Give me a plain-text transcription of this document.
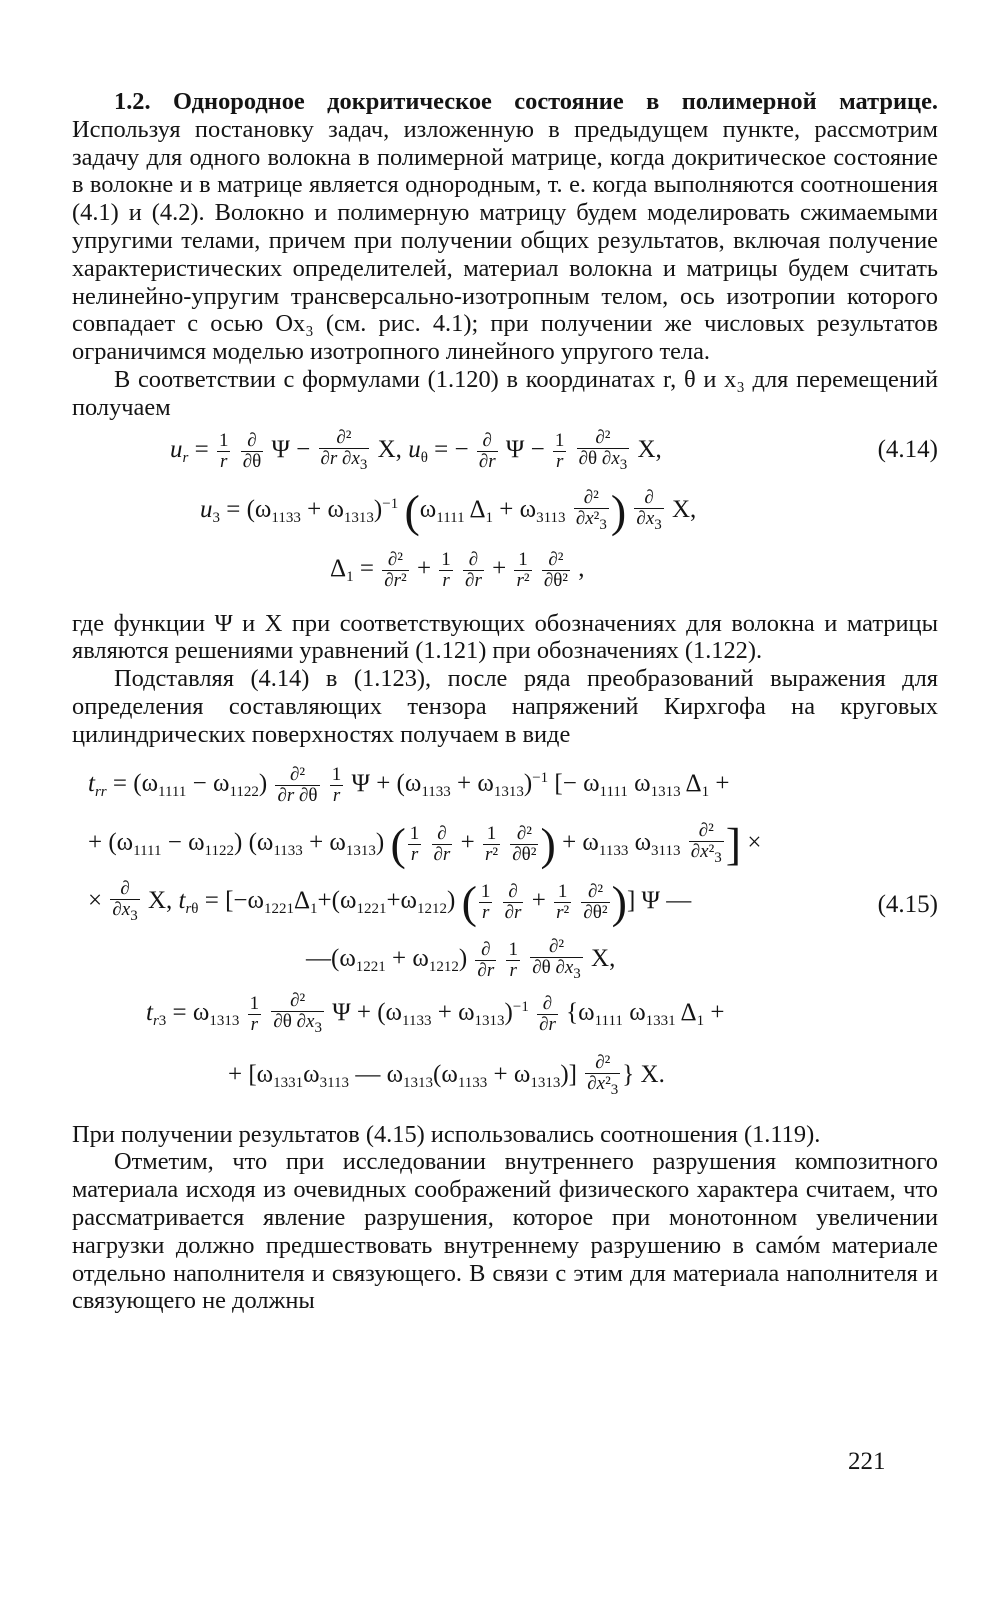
1.2. Однородное докритическое состояние в полимерной матрице. Используя постановку задач, изложенную в предыдущем пункте, рассмотрим задачу для одного волокна в полимерной матрице, когда докритическое состояние в волокне и в матрице является однородным, т. е. когда выполняются соотношения (4.1) и (4.2). Волокно и полимерную матрицу будем моделировать сжимаемыми упругими телами, причем при получении общих результатов, включая получение характеристических определителей, материал волокна и матрицы будем считать нелинейно-упругим трансверсально-изотропным телом, ось изотропии которого совпадает с осью Ox₃ (см. рис. 4.1); при получении же числовых результатов ограничимся моделью изотропного линейного упругого тела.

В соответствии с формулами (1.120) в координатах r, θ и x₃ для перемещений получаем

$u_r = \frac{1}{r}$
$\frac{\partial}{\partial\theta}$ $\Psi - \frac{\text{∂²}}{\partial r \partial x_3} X$, $u_\theta$ = − $\frac{\partial}{\partial r}$ $\Psi - \frac{1}{r}$
$\frac{\text{∂²}}{\partial\theta \partial x_3} X$,	(4.14)
$u_3 = (\omega_{1133} + \omega_{1313})^{-1}$ ($\omega_{1111}$ $\Delta_1 + \omega_{3113} \frac{\text{∂²}}{\partial x^2_3}$ ) $\frac{\partial}{\partial x_3} X$,
$\Delta_1 = \frac{\text{∂²}}{\text{∂r²}} + \frac{1}{r}$
$\frac{\partial}{\partial r} + \frac{1}{\text{r²}}$
$\frac{\text{∂²}}{\text{∂θ²}}$ ,

где функции Ψ и X при соответствующих обозначениях для волокна и матрицы являются решениями уравнений (1.121) при обозначениях (1.122).

Подставляя (4.14) в (1.123), после ряда преобразований выражения для определения составляющих тензора напряжений Кирхгофа на круговых цилиндрических поверхностях получаем в виде

$t_{rr} = (\omega_{1111} - \omega_{1122}) \frac{\text{∂²}}{\partial r \partial\theta}$
$\frac{1}{r}$ $\Psi + (\omega_{1133} + \omega_{1313})^{-1}$ [− $\omega_{1111}$ $\omega_{1313}$ $\Delta_1$ +
+ $(\omega_{1111} - \omega_{1122}) (\omega_{1133} + \omega_{1313})$ ( $\frac{1}{r}$
$\frac{\partial}{\partial r} + \frac{1}{\text{r²}}$
$\frac{\text{∂²}}{\text{∂θ²}}$ ) + $\omega_{1133}$ $\omega_{3113} \frac{\text{∂²}}{\partial x^2_3}$ ] ×
× $\frac{\partial}{\partial x_3} X$, $t_{r\theta} = [-\omega_{1221}\Delta_1+(\omega_{1221}+\omega_{1212})$ ( $\frac{1}{r}$
$\frac{\partial}{\partial r} + \frac{1}{\text{r²}}$
$\frac{\text{∂²}}{\text{∂θ²}}$ )] Ψ —	(4.15)
$—(\omega_{1221} + \omega_{1212}) \frac{\partial}{\partial r}$
$\frac{1}{r}$
$\frac{\text{∂²}}{\partial\theta \partial x_3} X$,
$t_{r3} = \omega_{1313} \frac{1}{r}$
$\frac{\text{∂²}}{\partial\theta \partial x_3}$ $\Psi + (\omega_{1133} + \omega_{1313})^{-1} \frac{\partial}{\partial r} \{\omega_{1111}$ $\omega_{1331}$ $\Delta_1$ +
+ [$\omega_{1331}\omega_{3113}$ — $\omega_{1313}(\omega_{1133} + \omega_{1313})] \frac{\text{∂²}}{\partial x^2_3}$ } X.

При получении результатов (4.15) использовались соотношения (1.119).

Отметим, что при исследовании внутреннего разрушения композитного материала исходя из очевидных соображений физического характера считаем, что рассматривается явление разрушения, которое при монотонном увеличении нагрузки должно предшествовать внутреннему разрушению в самóм материале отдельно наполнителя и связующего. В связи с этим для материала наполнителя и связующего не должны

221
